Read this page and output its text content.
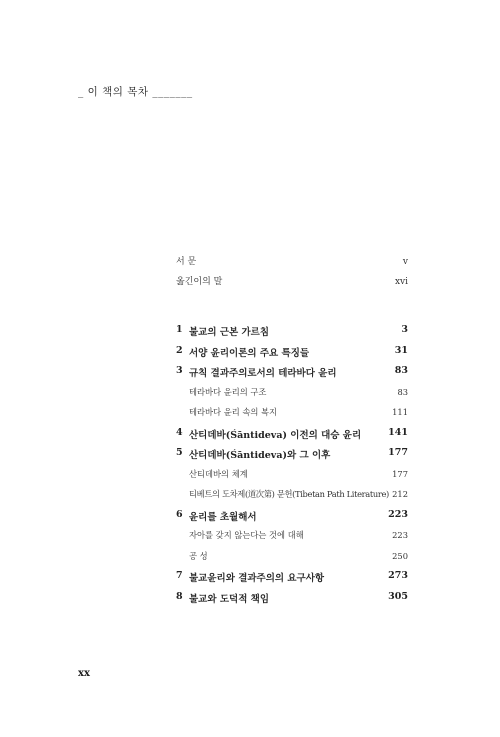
_ 이 책의 목차 _______
서 문	v
옮긴이의 말	xvi
1 불교의 근본 가르침	3
2 서양 윤리이론의 주요 특징들	31
3 규칙 결과주의로서의 테라바다 윤리	83
테라바다 윤리의 구조	83
테라바다 윤리 속의 복지	111
4 산티데바(Śāntideva) 이전의 대승 윤리	141
5 산티데바(Śāntideva)와 그 이후	177
산티데바의 체계	177
티베트의 도차제(道次第) 문헌(Tibetan Path Literature) 212
6 윤리를 초월해서	223
자아를 갖지 않는다는 것에 대해	223
공 성	250
7 불교윤리와 결과주의의 요구사항	273
8 불교와 도덕적 책임	305
xx
